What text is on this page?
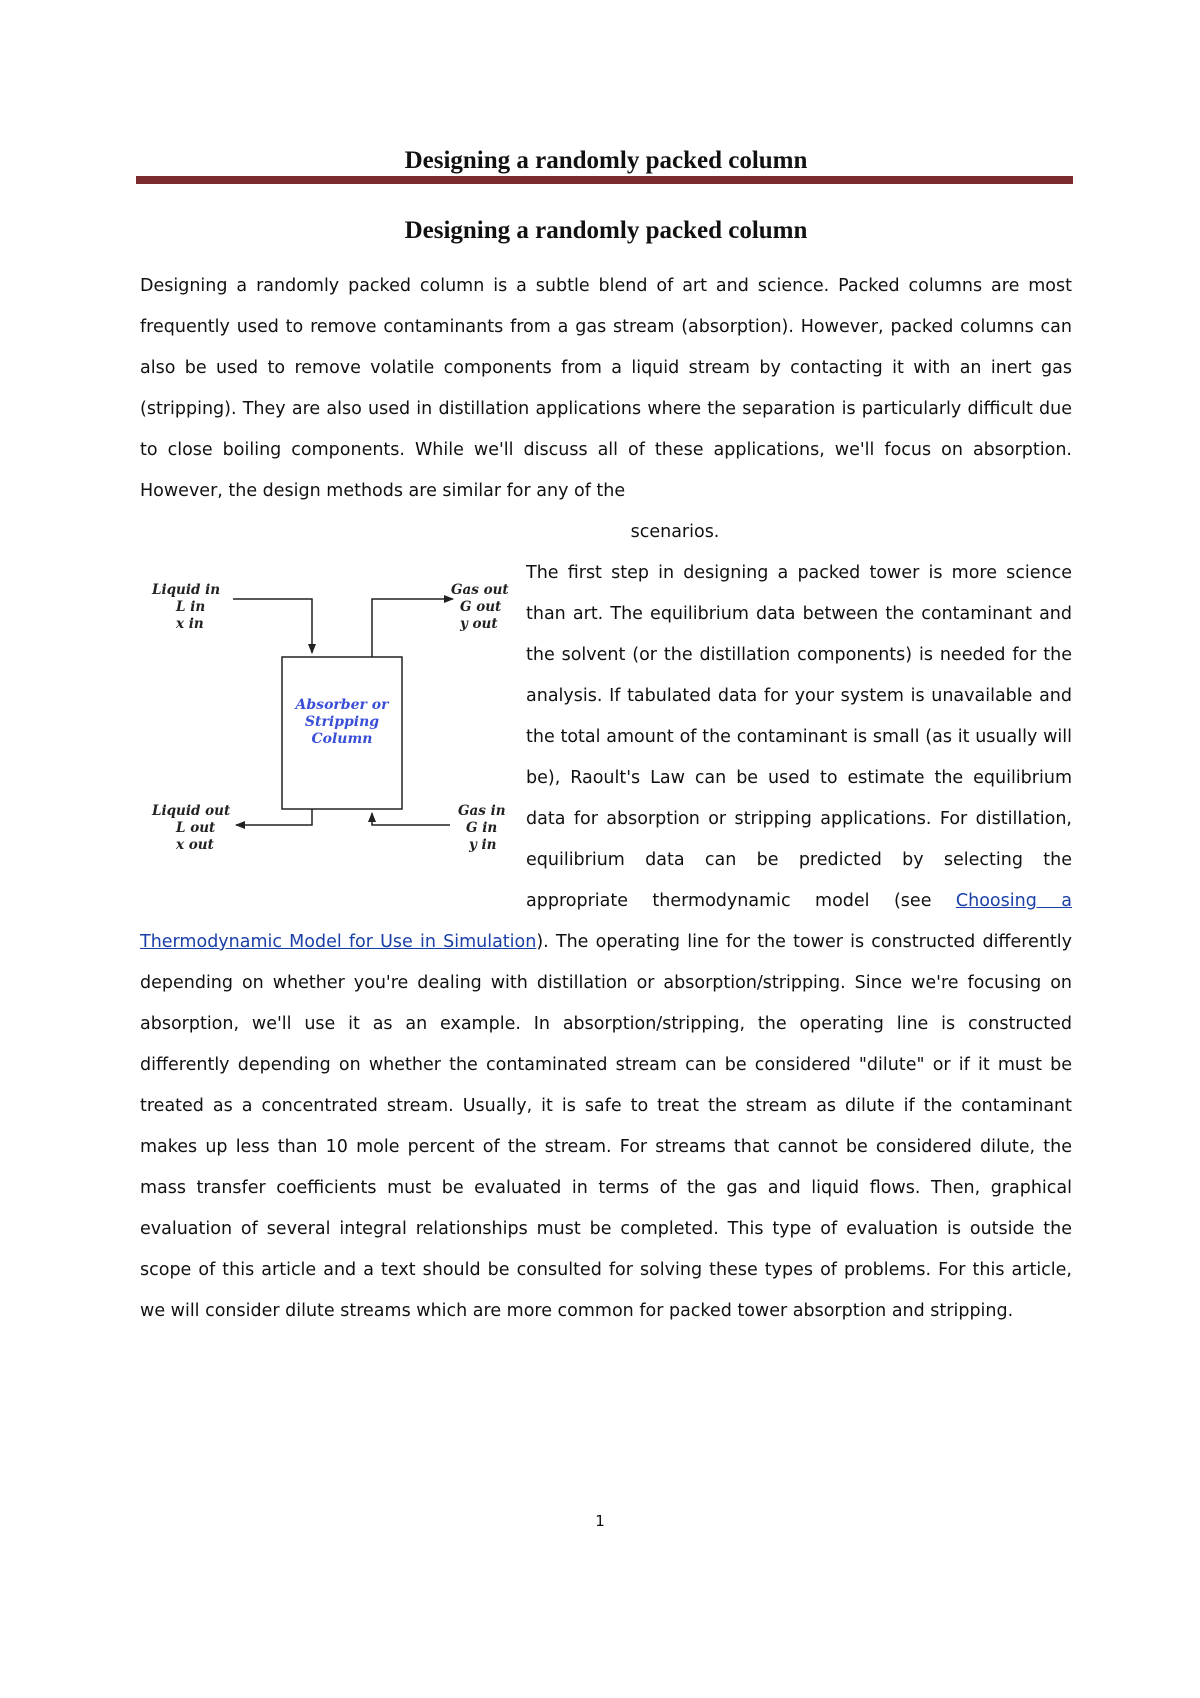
Designing a randomly packed column
Designing a randomly packed column
Designing a randomly packed column is a subtle blend of art and science. Packed columns are most frequently used to remove contaminants from a gas stream (absorption). However, packed columns can also be used to remove volatile components from a liquid stream by contacting it with an inert gas (stripping). They are also used in distillation applications where the separation is particularly difficult due to close boiling components. While we'll discuss all of these applications, we'll focus on absorption. However, the design methods are similar for any of the
scenarios.
Liquid in
L in
x in
Gas out
G out
y out
Absorber or
Stripping
Column
Liquid out
L out
x out
Gas in
G in
y in
The first step in designing a packed tower is more science than art. The equilibrium data between the contaminant and the solvent (or the distillation components) is needed for the analysis. If tabulated data for your system is unavailable and the total amount of the contaminant is small (as it usually will be), Raoult's Law can be used to estimate the equilibrium data for absorption or stripping applications. For distillation, equilibrium data can be predicted by selecting the appropriate thermodynamic model (see Choosing a Thermodynamic Model for Use in Simulation). The operating line for the tower is constructed differently depending on whether you're dealing with distillation or absorption/stripping. Since we're focusing on absorption, we'll use it as an example. In absorption/stripping, the operating line is constructed differently depending on whether the contaminated stream can be considered "dilute" or if it must be treated as a concentrated stream. Usually, it is safe to treat the stream as dilute if the contaminant makes up less than 10 mole percent of the stream. For streams that cannot be considered dilute, the mass transfer coefficients must be evaluated in terms of the gas and liquid flows. Then, graphical evaluation of several integral relationships must be completed. This type of evaluation is outside the scope of this article and a text should be consulted for solving these types of problems. For this article, we will consider dilute streams which are more common for packed tower absorption and stripping.
1
